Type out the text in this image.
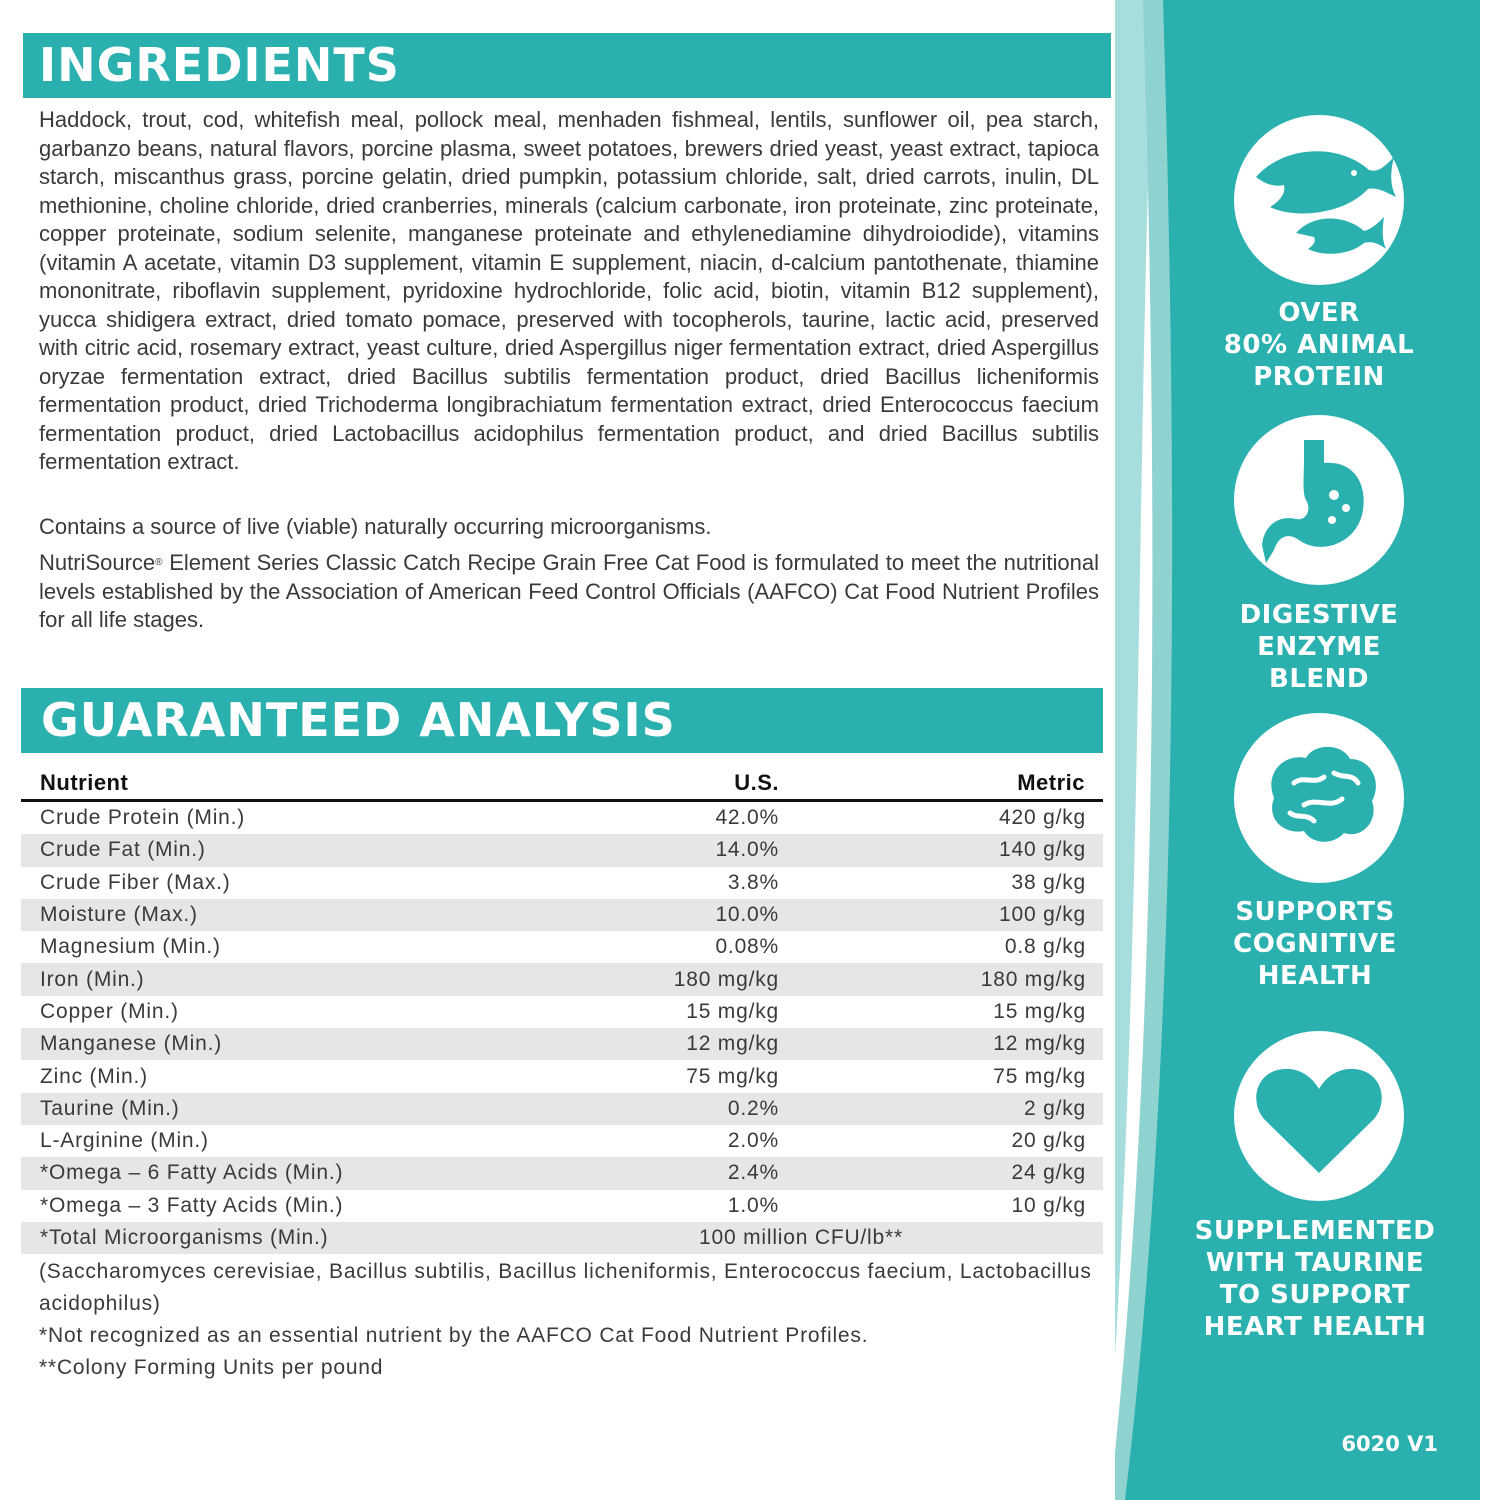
INGREDIENTS

Haddock, trout, cod, whitefish meal, pollock meal, menhaden fishmeal, lentils, sunflower oil, pea starch, garbanzo beans, natural flavors, porcine plasma, sweet potatoes, brewers dried yeast, yeast extract, tapioca starch, miscanthus grass, porcine gelatin, dried pumpkin, potassium chloride, salt, dried carrots, inulin, DL methionine, choline chloride, dried cranberries, minerals (calcium carbonate, iron proteinate, zinc proteinate, copper proteinate, sodium selenite, manganese proteinate and ethylenediamine dihydroiodide), vitamins (vitamin A acetate, vitamin D3 supplement, vitamin E supplement, niacin, d-calcium pantothenate, thiamine mononitrate, riboflavin supplement, pyridoxine hydrochloride, folic acid, biotin, vitamin B12 supplement), yucca shidigera extract, dried tomato pomace, preserved with tocopherols, taurine, lactic acid, preserved with citric acid, rosemary extract, yeast culture, dried Aspergillus niger fermentation extract, dried Aspergillus oryzae fermentation extract, dried Bacillus subtilis fermentation product, dried Bacillus licheniformis fermentation product, dried Trichoderma longibrachiatum fermentation extract, dried Enterococcus faecium fermentation product, dried Lactobacillus acidophilus fermentation product, and dried Bacillus subtilis fermentation extract.

Contains a source of live (viable) naturally occurring microorganisms.

NutriSource® Element Series Classic Catch Recipe Grain Free Cat Food is formulated to meet the nutritional levels established by the Association of American Feed Control Officials (AAFCO) Cat Food Nutrient Profiles for all life stages.

GUARANTEED ANALYSIS
Nutrient	U.S.	Metric
Crude Protein (Min.)	42.0%	420 g/kg
Crude Fat (Min.)	14.0%	140 g/kg
Crude Fiber (Max.)	3.8%	38 g/kg
Moisture (Max.)	10.0%	100 g/kg
Magnesium (Min.)	0.08%	0.8 g/kg
Iron (Min.)	180 mg/kg	180 mg/kg
Copper (Min.)	15 mg/kg	15 mg/kg
Manganese (Min.)	12 mg/kg	12 mg/kg
Zinc (Min.)	75 mg/kg	75 mg/kg
Taurine (Min.)	0.2%	2 g/kg
L-Arginine (Min.)	2.0%	20 g/kg
*Omega – 6 Fatty Acids (Min.)	2.4%	24 g/kg
*Omega – 3 Fatty Acids (Min.)	1.0%	10 g/kg
*Total Microorganisms (Min.)	100 million CFU/lb**	

(Saccharomyces cerevisiae, Bacillus subtilis, Bacillus licheniformis, Enterococcus faecium, Lactobacillus acidophilus)

*Not recognized as an essential nutrient by the AAFCO Cat Food Nutrient Profiles.

**Colony Forming Units per pound

OVER
80% ANIMAL
PROTEIN
DIGESTIVE
ENZYME
BLEND
SUPPORTS
COGNITIVE
HEALTH
SUPPLEMENTED
WITH TAURINE
TO SUPPORT
HEART HEALTH
6020 V1
